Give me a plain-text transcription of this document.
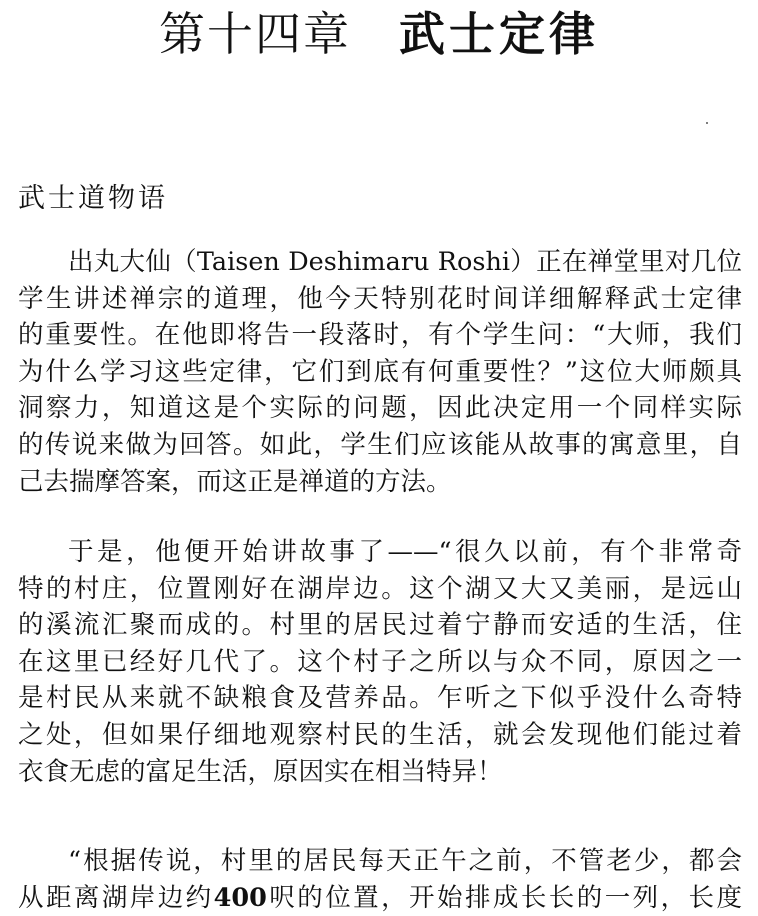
第十四章 武士定律
武士道物语
出丸大仙（Taisen Deshimaru Roshi）正在禅堂里对几位
学生讲述禅宗的道理，他今天特别花时间详细解释武士定律
的重要性。在他即将告一段落时，有个学生问：“大师，我们
为什么学习这些定律，它们到底有何重要性？”这位大师颇具
洞察力，知道这是个实际的问题，因此决定用一个同样实际
的传说来做为回答。如此，学生们应该能从故事的寓意里，自
己去揣摩答案，而这正是禅道的方法。
于是，他便开始讲故事了——“很久以前，有个非常奇
特的村庄，位置刚好在湖岸边。这个湖又大又美丽，是远山
的溪流汇聚而成的。村里的居民过着宁静而安适的生活，住
在这里已经好几代了。这个村子之所以与众不同，原因之一
是村民从来就不缺粮食及营养品。乍听之下似乎没什么奇特
之处，但如果仔细地观察村民的生活，就会发现他们能过着
衣食无虑的富足生活，原因实在相当特异！
“根据传说，村里的居民每天正午之前，不管老少，都会
从距离湖岸边约400呎的位置，开始排成长长的一列，长度
